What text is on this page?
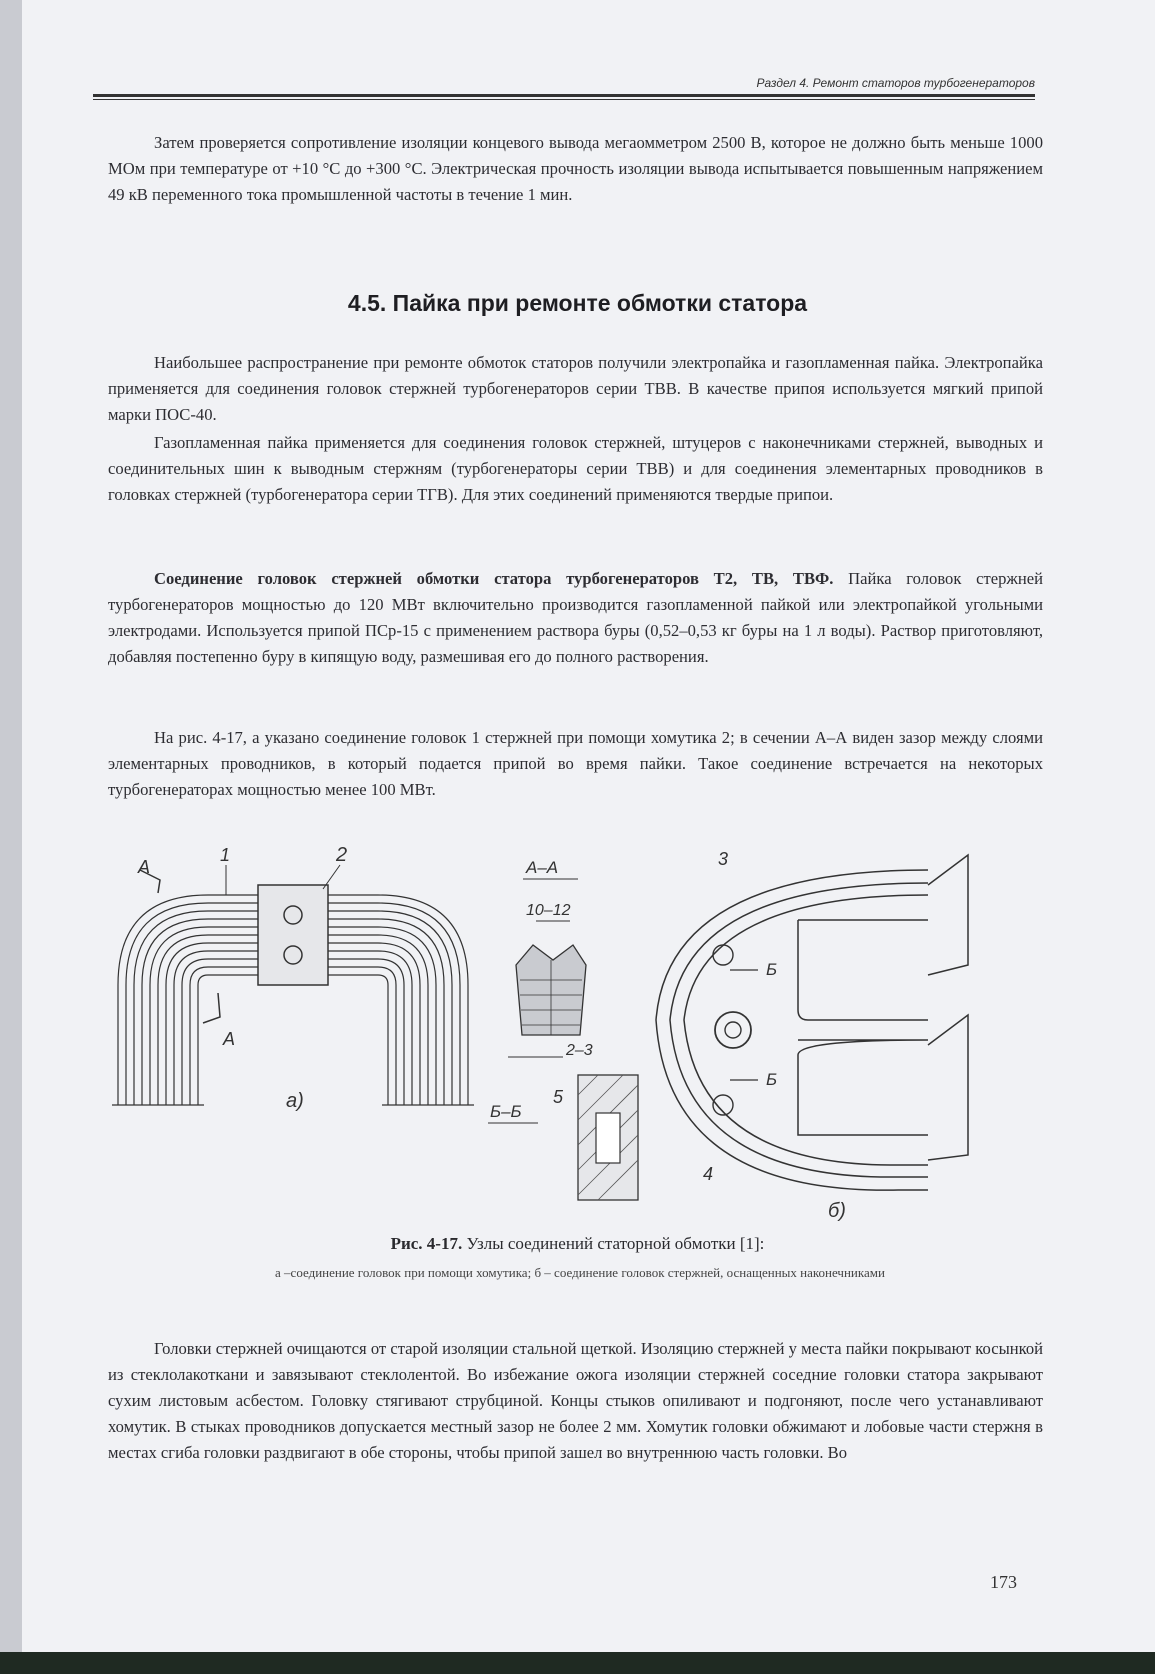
Раздел 4. Ремонт статоров турбогенераторов

Затем проверяется сопротивление изоляции концевого вывода мегаомметром 2500 В, которое не должно быть меньше 1000 МОм при температуре от +10 °С до +300 °С. Электрическая прочность изоляции вывода испытывается повышенным напряжением 49 кВ переменного тока промышленной частоты в течение 1 мин.

4.5. Пайка при ремонте обмотки статора

Наибольшее распространение при ремонте обмоток статоров получили электропайка и газопламенная пайка. Электропайка применяется для соединения головок стержней турбогенераторов серии ТВВ. В качестве припоя используется мягкий припой марки ПОС-40.

Газопламенная пайка применяется для соединения головок стержней, штуцеров с наконечниками стержней, выводных и соединительных шин к выводным стержням (турбогенераторы серии ТВВ) и для соединения элементарных проводников в головках стержней (турбогенератора серии ТГВ). Для этих соединений применяются твердые припои.

Соединение головок стержней обмотки статора турбогенераторов Т2, ТВ, ТВФ. Пайка головок стержней турбогенераторов мощностью до 120 МВт включительно производится газопламенной пайкой или электропайкой угольными электродами. Используется припой ПСр-15 с применением раствора буры (0,52–0,53 кг буры на 1 л воды). Раствор приготовляют, добавляя постепенно буру в кипящую воду, размешивая его до полного растворения.

На рис. 4-17, а указано соединение головок 1 стержней при помощи хомутика 2; в сечении А–А виден зазор между слоями элементарных проводников, в который подается припой во время пайки. Такое соединение встречается на некоторых турбогенераторах мощностью менее 100 МВт.

А
А
1	2
а)
А–А
10–12
2–3
Б–Б
5
Б
Б
3
4
б)
Рис. 4-17. Узлы соединений статорной обмотки [1]:
а –соединение головок при помощи хомутика; б – соединение головок стержней, оснащенных наконечниками

Головки стержней очищаются от старой изоляции стальной щеткой. Изоляцию стержней у места пайки покрывают косынкой из стеклолакоткани и завязывают стеклолентой. Во избежание ожога изоляции стержней соседние головки статора закрывают сухим листовым асбестом. Головку стягивают струбциной. Концы стыков опиливают и подгоняют, после чего устанавливают хомутик. В стыках проводников допускается местный зазор не более 2 мм. Хомутик головки обжимают и лобовые части стержня в местах сгиба головки раздвигают в обе стороны, чтобы припой зашел во внутреннюю часть головки. Во

173
